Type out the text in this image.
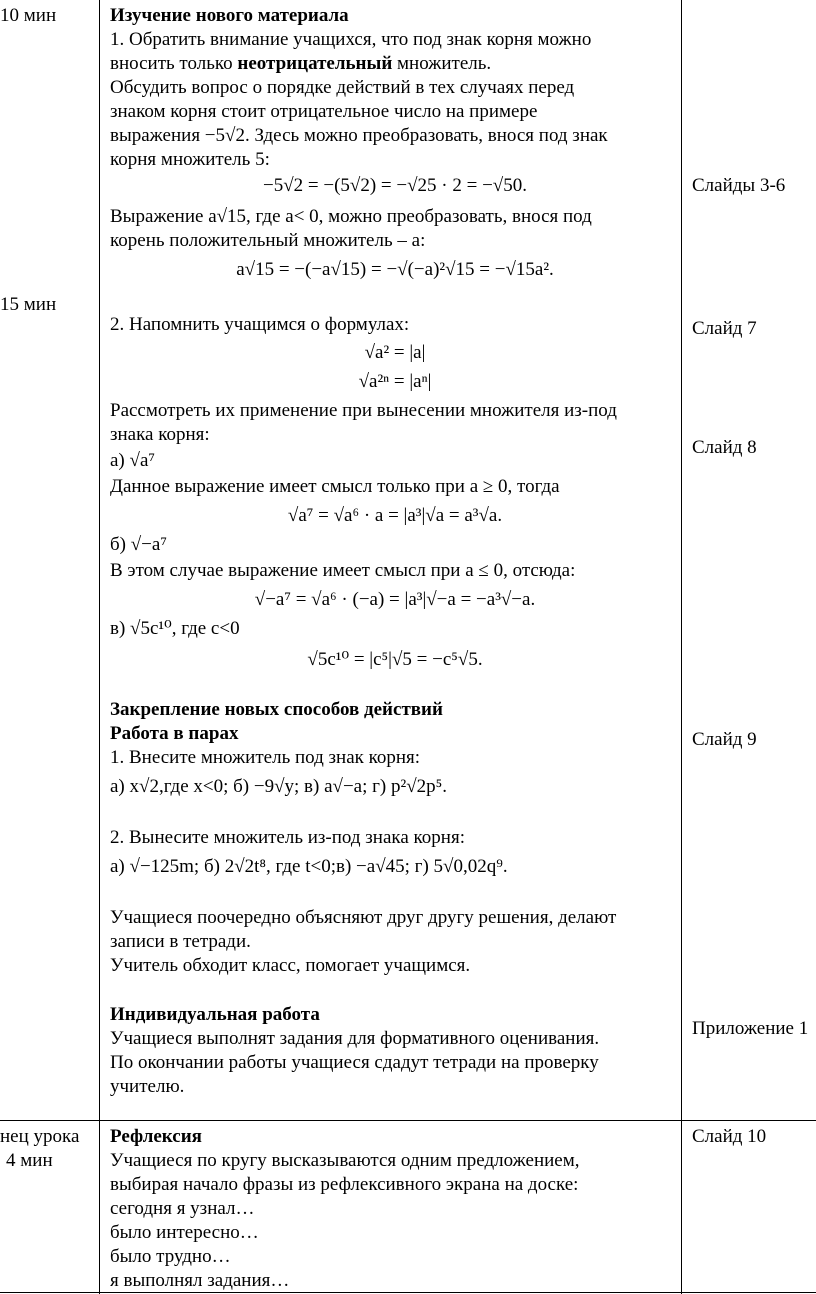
10 мин
15 мин
Изучение нового материала
1. Обратить внимание учащихся, что под знак корня можно
вносить только неотрицательный множитель.
Обсудить вопрос о порядке действий в тех случаях перед
знаком корня стоит отрицательное число на примере
выражения −5√2. Здесь можно преобразовать, внося под знак
корня множитель 5:
−5√2 = −(5√2) = −√25 · 2 = −√50.
Выражение a√15, где a< 0, можно преобразовать, внося под
корень положительный множитель – a:
a√15 = −(−a√15) = −√(−a)²√15 = −√15a².
2. Напомнить учащимся о формулах:
√a² = |a|
√a²ⁿ = |aⁿ|
Рассмотреть их применение при вынесении множителя из-под
знака корня:
а) √a⁷
Данное выражение имеет смысл только при a ≥ 0, тогда
√a⁷ = √a⁶ · a = |a³|√a = a³√a.
б) √−a⁷
В этом случае выражение имеет смысл при a ≤ 0, отсюда:
√−a⁷ = √a⁶ · (−a) = |a³|√−a = −a³√−a.
в) √5c¹⁰, где c<0
√5c¹⁰ = |c⁵|√5 = −c⁵√5.
Закрепление новых способов действий
Работа в парах
1. Внесите множитель под знак корня:
а) x√2,где x<0; б) −9√y; в) a√−a; г) p²√2p⁵.
2. Вынесите множитель из-под знака корня:
а) √−125m; б) 2√2t⁸, где t<0;в) −a√45; г) 5√0,02q⁹.
Учащиеся поочередно объясняют друг другу решения, делают
записи в тетради.
Учитель обходит класс, помогает учащимся.
Индивидуальная работа
Учащиеся выполнят задания для формативного оценивания.
По окончании работы учащиеся сдадут тетради на проверку
учителю.
Слайды 3-6
Слайд 7
Слайд 8
Слайд 9
Приложение 1
нец урока
4 мин
Рефлексия
Учащиеся по кругу высказываются одним предложением,
выбирая начало фразы из рефлексивного экрана на доске:
сегодня я узнал…
было интересно…
было трудно…
я выполнял задания…
Слайд 10
